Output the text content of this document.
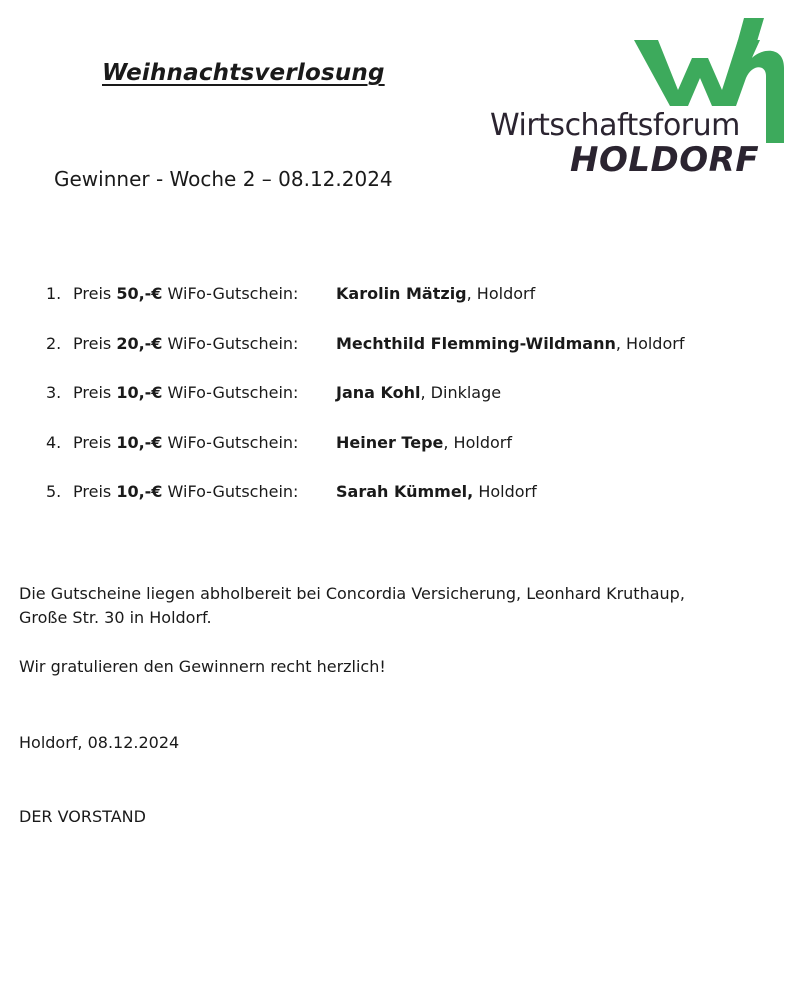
Weihnachtsverlosung
Gewinner - Woche 2 – 08.12.2024
Wirtschaftsforum
HOLDORF
1. Preis 50,-€ WiFo-Gutschein: Karolin Mätzig, Holdorf
2. Preis 20,-€ WiFo-Gutschein: Mechthild Flemming-Wildmann, Holdorf
3. Preis 10,-€ WiFo-Gutschein: Jana Kohl, Dinklage
4. Preis 10,-€ WiFo-Gutschein: Heiner Tepe, Holdorf
5. Preis 10,-€ WiFo-Gutschein: Sarah Kümmel, Holdorf
Die Gutscheine liegen abholbereit bei Concordia Versicherung, Leonhard Kruthaup,
Große Str. 30 in Holdorf.
Wir gratulieren den Gewinnern recht herzlich!
Holdorf, 08.12.2024
DER VORSTAND
